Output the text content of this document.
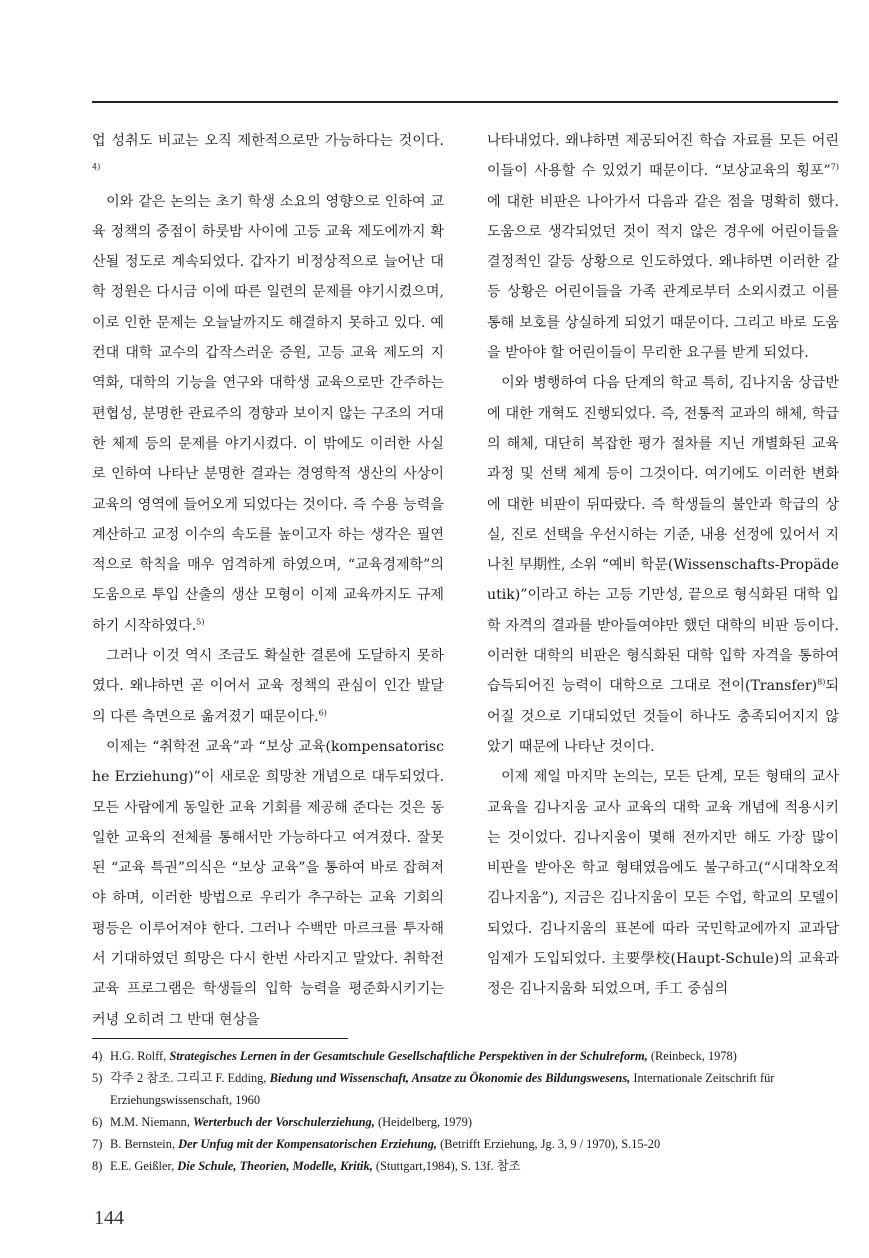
업 성취도 비교는 오직 제한적으로만 가능하다는 것이다.$^{4)}$

이와 같은 논의는 초기 학생 소요의 영향으로 인하여 교육 정책의 중점이 하룻밤 사이에 고등 교육 제도에까지 확산될 정도로 계속되었다. 갑자기 비정상적으로 늘어난 대학 정원은 다시금 이에 따른 일련의 문제를 야기시켰으며, 이로 인한 문제는 오늘날까지도 해결하지 못하고 있다. 예컨대 대학 교수의 갑작스러운 증원, 고등 교육 제도의 지역화, 대학의 기능을 연구와 대학생 교육으로만 간주하는 편협성, 분명한 관료주의 경향과 보이지 않는 구조의 거대한 체제 등의 문제를 야기시켰다. 이 밖에도 이러한 사실로 인하여 나타난 분명한 결과는 경영학적 생산의 사상이 교육의 영역에 들어오게 되었다는 것이다. 즉 수용 능력을 계산하고 교정 이수의 속도를 높이고자 하는 생각은 필연적으로 학칙을 매우 엄격하게 하였으며, “교육경제학”의 도움으로 투입 산출의 생산 모형이 이제 교육까지도 규제하기 시작하였다.$^{5)}$

그러나 이것 역시 조금도 확실한 결론에 도달하지 못하였다. 왜냐하면 곧 이어서 교육 정책의 관심이 인간 발달의 다른 측면으로 옮겨졌기 때문이다.$^{6)}$

이제는 “취학전 교육”과 “보상 교육(kompensatorische Erziehung)”이 새로운 희망찬 개념으로 대두되었다. 모든 사람에게 동일한 교육 기회를 제공해 준다는 것은 동일한 교육의 전체를 통해서만 가능하다고 여겨졌다. 잘못된 “교육 특권”의식은 “보상 교육”을 통하여 바로 잡혀져야 하며, 이러한 방법으로 우리가 추구하는 교육 기회의 평등은 이루어져야 한다. 그러나 수백만 마르크를 투자해서 기대하였던 희망은 다시 한번 사라지고 말았다. 취학전 교육 프로그램은 학생들의 입학 능력을 평준화시키기는 커녕 오히려 그 반대 현상을

나타내었다. 왜냐하면 제공되어진 학습 자료를 모든 어린이들이 사용할 수 있었기 때문이다. “보상교육의 횡포”$^{7)}$에 대한 비판은 나아가서 다음과 같은 점을 명확히 했다. 도움으로 생각되었던 것이 적지 않은 경우에 어린이들을 결정적인 갈등 상황으로 인도하였다. 왜냐하면 이러한 갈등 상황은 어린이들을 가족 관계로부터 소외시켰고 이를 통해 보호를 상실하게 되었기 때문이다. 그리고 바로 도움을 받아야 할 어린이들이 무리한 요구를 받게 되었다.

이와 병행하여 다음 단계의 학교 특히, 김나지움 상급반에 대한 개혁도 진행되었다. 즉, 전통적 교과의 해체, 학급의 해체, 대단히 복잡한 평가 절차를 지닌 개별화된 교육과정 및 선택 체계 등이 그것이다. 여기에도 이러한 변화에 대한 비판이 뒤따랐다. 즉 학생들의 불안과 학급의 상실, 진로 선택을 우선시하는 기준, 내용 선정에 있어서 지나친 早期性, 소위 “예비 학문(Wissenschafts-Propädeutik)”이라고 하는 고등 기만성, 끝으로 형식화된 대학 입학 자격의 결과를 받아들여야만 했던 대학의 비판 등이다. 이러한 대학의 비판은 형식화된 대학 입학 자격을 통하여 습득되어진 능력이 대학으로 그대로 전이(Transfer)$^{8)}$되어질 것으로 기대되었던 것들이 하나도 충족되어지지 않았기 때문에 나타난 것이다.

이제 제일 마지막 논의는, 모든 단계, 모든 형태의 교사 교육을 김나지움 교사 교육의 대학 교육 개념에 적용시키는 것이었다. 김나지움이 몇해 전까지만 해도 가장 많이 비판을 받아온 학교 형태였음에도 불구하고(“시대착오적 김나지움”), 지금은 김나지움이 모든 수업, 학교의 모델이 되었다. 김나지움의 표본에 따라 국민학교에까지 교과담임제가 도입되었다. 主要學校(Haupt-Schule)의 교육과정은 김나지움화 되었으며, 手工 중심의

4) H.G. Rolff, Strategisches Lernen in der Gesamtschule Gesellschaftliche Perspektiven in der Schulreform, (Reinbeck, 1978)

5) 각주 2 참조. 그리고 F. Edding, Biedung und Wissenschaft, Ansatze zu Ökonomie des Bildungswesens, Internationale Zeitschrift für Erziehungswissenschaft, 1960

6) M.M. Niemann, Werterbuch der Vorschulerziehung, (Heidelberg, 1979)

7) B. Bernstein, Der Unfug mit der Kompensatorischen Erziehung, (Betrifft Erziehung, Jg. 3, 9 / 1970), S.15-20

8) E.E. Geißler, Die Schule, Theorien, Modelle, Kritik, (Stuttgart,1984), S. 13f. 참조

144
